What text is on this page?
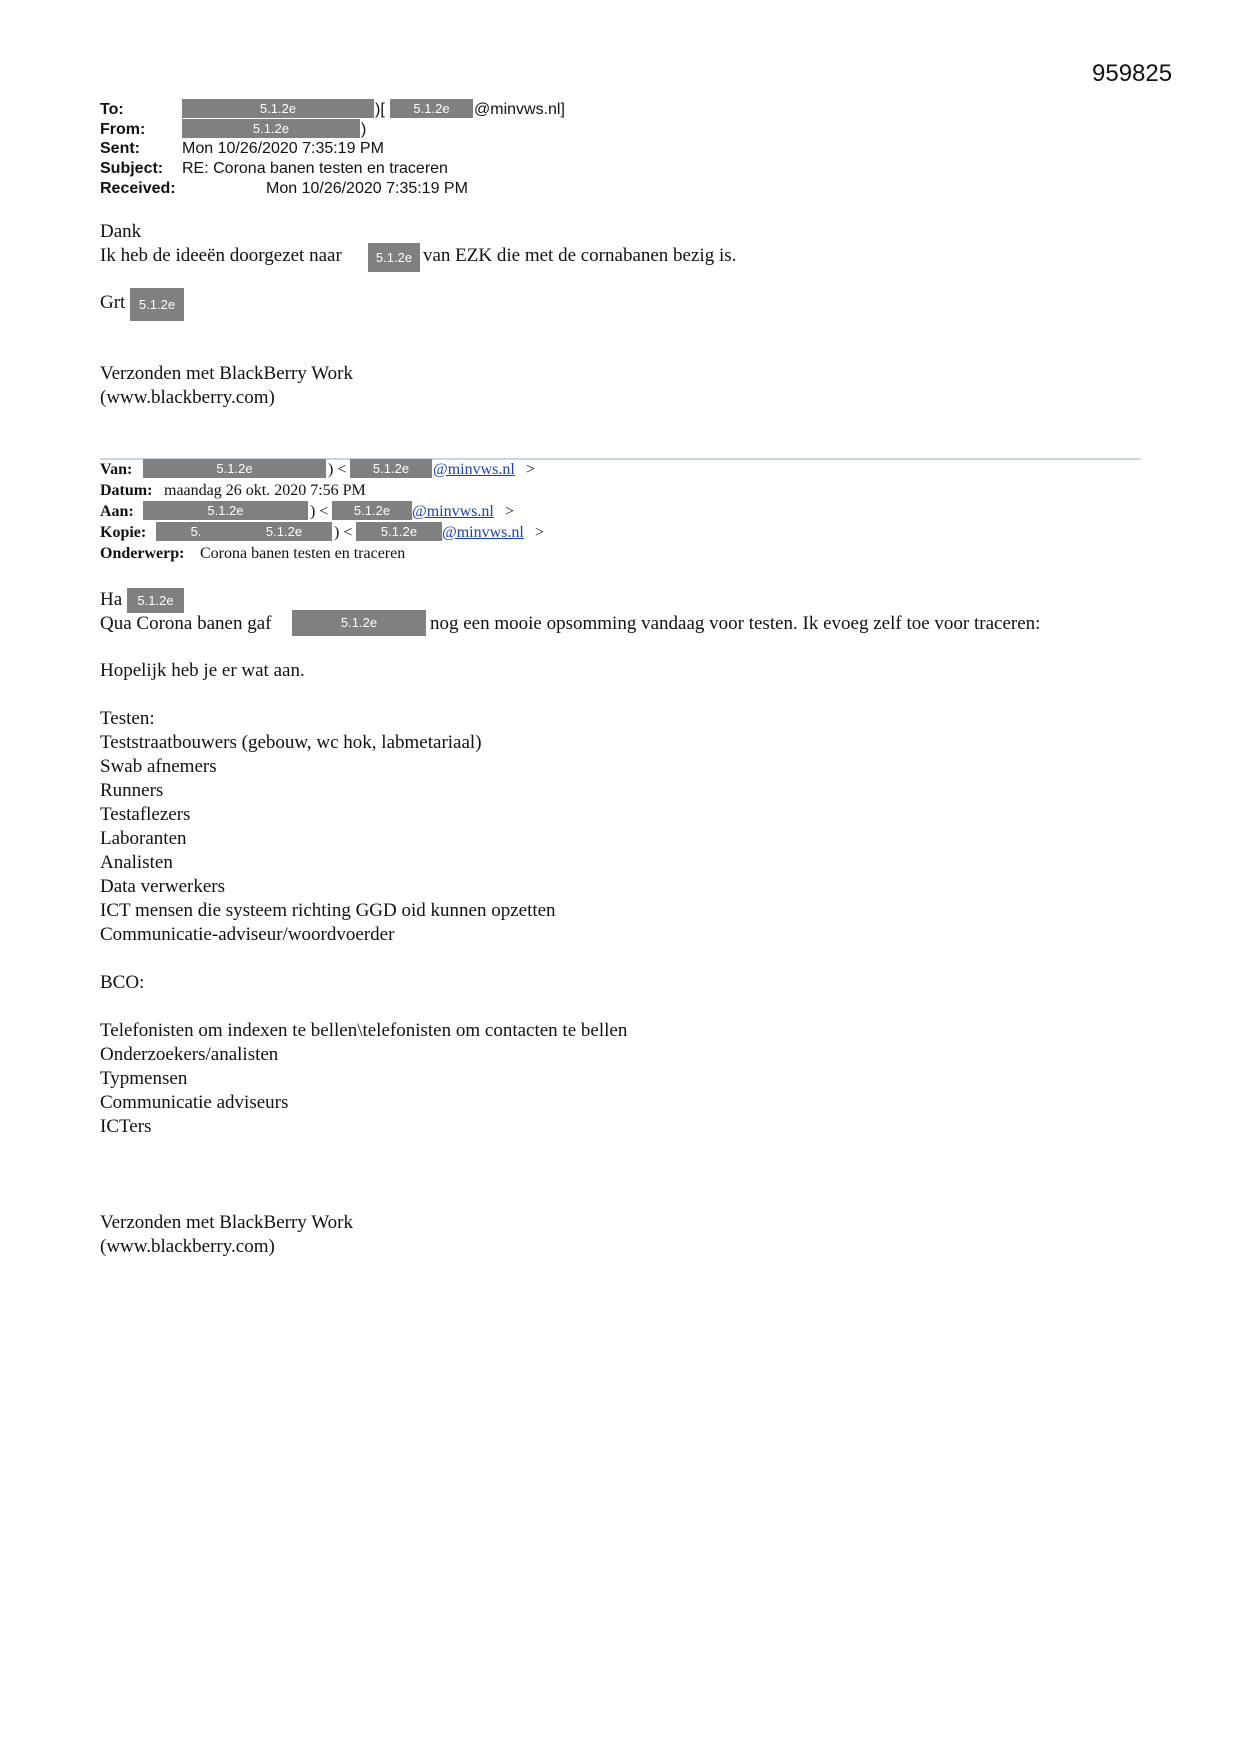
959825
To:	5.1.2e	)[	5.1.2e	@minvws.nl]
From:	5.1.2e	)
Sent:	Mon 10/26/2020 7:35:19 PM
Subject: RE: Corona banen testen en traceren
Received:	Mon 10/26/2020 7:35:19 PM
Dank
Ik heb de ideeën doorgezet naar	5.1.2e van EZK die met de cornabanen bezig is.
Grt	5.1.2e
Verzonden met BlackBerry Work
(www.blackberry.com)
Van:	5.1.2e	) <	5.1.2e	@minvws.nl >
Datum: maandag 26 okt. 2020 7:56 PM
Aan:	5.1.2e	) <	5.1.2e	@minvws.nl >
Kopie:	5.	5.1.2e	) <	5.1.2e	@minvws.nl >
Onderwerp: Corona banen testen en traceren
Ha	5.1.2e
Qua Corona banen gaf	5.1.2e	nog een mooie opsomming vandaag voor testen. Ik evoeg zelf toe voor traceren:
Hopelijk heb je er wat aan.
Testen:
Teststraatbouwers (gebouw, wc hok, labmetariaal)
Swab afnemers
Runners
Testaflezers
Laboranten
Analisten
Data verwerkers
ICT mensen die systeem richting GGD oid kunnen opzetten
Communicatie-adviseur/woordvoerder
BCO:
Telefonisten om indexen te bellen\telefonisten om contacten te bellen
Onderzoekers/analisten
Typmensen
Communicatie adviseurs
ICTers
Verzonden met BlackBerry Work
(www.blackberry.com)
